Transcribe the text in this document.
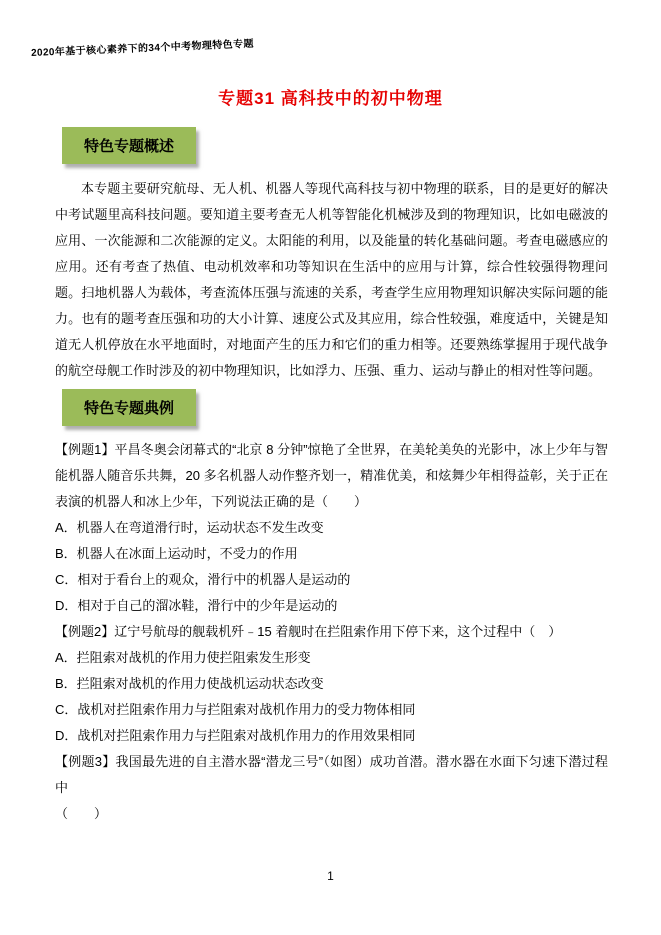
2020年基于核心素养下的34个中考物理特色专题
专题31 高科技中的初中物理
特色专题概述
本专题主要研究航母、无人机、机器人等现代高科技与初中物理的联系，目的是更好的解决中考试题里高科技问题。要知道主要考查无人机等智能化机械涉及到的物理知识，比如电磁波的应用、一次能源和二次能源的定义。太阳能的利用，以及能量的转化基础问题。考查电磁感应的应用。还有考查了热值、电动机效率和功等知识在生活中的应用与计算，综合性较强得物理问题。扫地机器人为载体，考查流体压强与流速的关系，考查学生应用物理知识解决实际问题的能力。也有的题考查压强和功的大小计算、速度公式及其应用，综合性较强，难度适中，关键是知道无人机停放在水平地面时，对地面产生的压力和它们的重力相等。还要熟练掌握用于现代战争的航空母舰工作时涉及的初中物理知识，比如浮力、压强、重力、运动与静止的相对性等问题。
特色专题典例

【例题1】平昌冬奥会闭幕式的“北京 8 分钟”惊艳了全世界，在美轮美奂的光影中，冰上少年与智能机器人随音乐共舞，20 多名机器人动作整齐划一，精准优美，和炫舞少年相得益彰，关于正在表演的机器人和冰上少年，下列说法正确的是（　　）

A．机器人在弯道滑行时，运动状态不发生改变

B．机器人在冰面上运动时，不受力的作用

C．相对于看台上的观众，滑行中的机器人是运动的

D．相对于自己的溜冰鞋，滑行中的少年是运动的

【例题2】辽宁号航母的舰载机歼﹣15 着舰时在拦阻索作用下停下来，这个过程中（　）

A．拦阻索对战机的作用力使拦阻索发生形变

B．拦阻索对战机的作用力使战机运动状态改变

C．战机对拦阻索作用力与拦阻索对战机作用力的受力物体相同

D．战机对拦阻索作用力与拦阻索对战机作用力的作用效果相同

【例题3】我国最先进的自主潜水器“潜龙三号”（如图）成功首潜。潜水器在水面下匀速下潜过程中

（　　）

1
